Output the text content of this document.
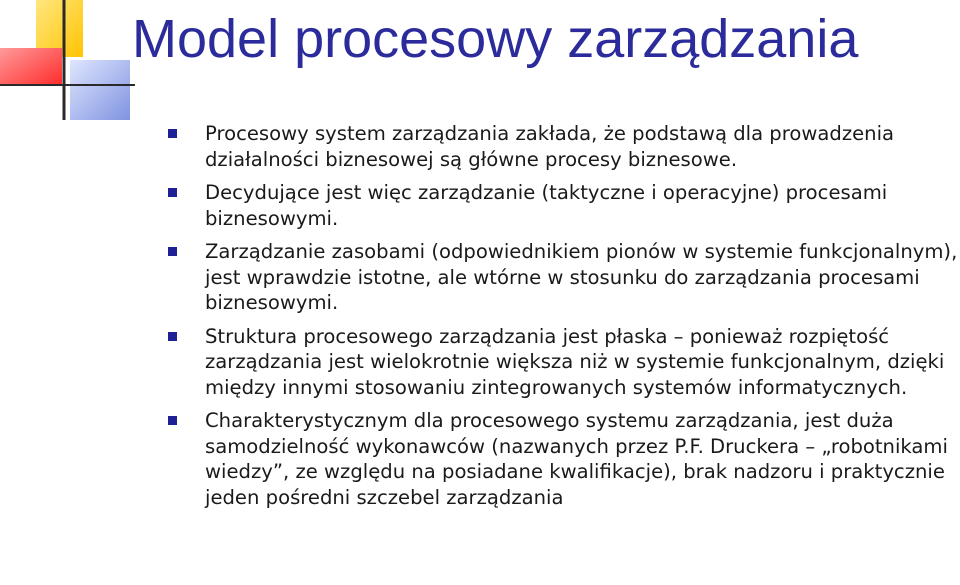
Model procesowy zarządzania
Procesowy system zarządzania zakłada, że podstawą dla prowadzenia działalności biznesowej są główne procesy biznesowe.
Decydujące jest więc zarządzanie (taktyczne i operacyjne) procesami biznesowymi.
Zarządzanie zasobami (odpowiednikiem pionów w systemie funkcjonalnym), jest wprawdzie istotne, ale wtórne w stosunku do zarządzania procesami biznesowymi.
Struktura procesowego zarządzania jest płaska – ponieważ rozpiętość zarządzania jest wielokrotnie większa niż w systemie funkcjonalnym, dzięki między innymi stosowaniu zintegrowanych systemów informatycznych.
Charakterystycznym dla procesowego systemu zarządzania, jest duża samodzielność wykonawców (nazwanych przez P.F. Druckera – „robotnikami wiedzy”, ze względu na posiadane kwalifikacje), brak nadzoru i praktycznie jeden pośredni szczebel zarządzania
